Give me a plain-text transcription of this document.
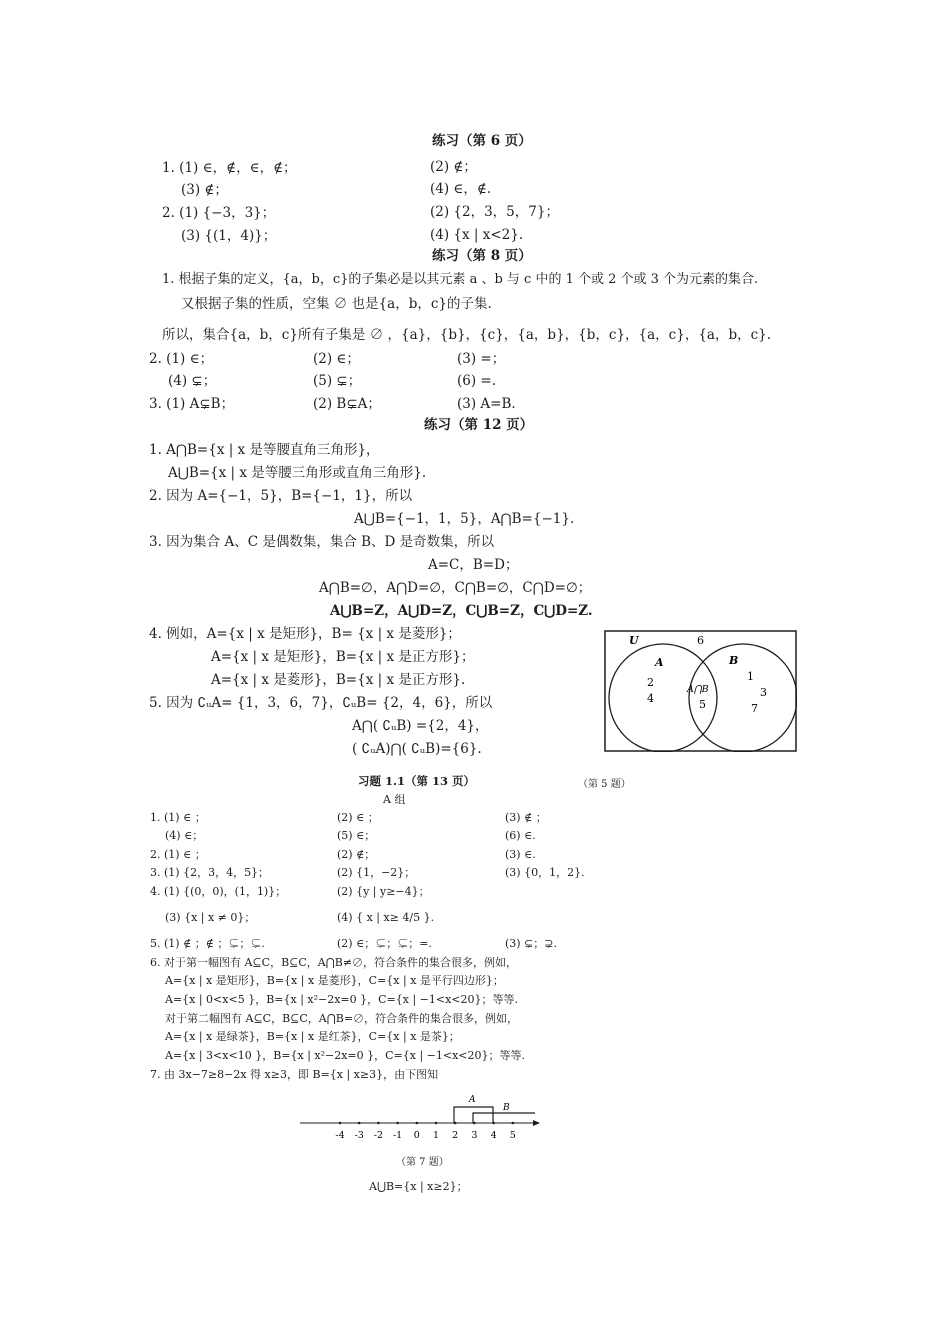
练习（第 6 页）
1. (1) ∈，∉，∈，∉；	(2) ∉；
(3) ∉；	(4) ∈，∉.
2. (1) {−3，3}；	(2) {2，3，5，7}；
(3) {(1，4)}；	(4) {x | x<2}.
练习（第 8 页）
1. 根据子集的定义，{a，b，c}的子集必是以其元素 a 、b 与 c 中的 1 个或 2 个或 3 个为元素的集合.
又根据子集的性质，空集 ∅ 也是{a，b，c}的子集.
所以，集合{a，b，c}所有子集是 ∅ ，{a}，{b}，{c}，{a，b}，{b，c}，{a，c}，{a，b，c}.
2. (1) ∈；	(2) ∈；	(3) =；
(4) ⊊；	(5) ⊊；	(6) =.
3. (1) A⊊B；	(2) B⊊A；	(3) A=B.
练习（第 12 页）
1. A⋂B={x | x 是等腰直角三角形}，
A⋃B={x | x 是等腰三角形或直角三角形}.
2. 因为 A={−1，5}，B={−1，1}，所以
A⋃B={−1，1，5}，A⋂B={−1}.
3. 因为集合 A、C 是偶数集，集合 B、D 是奇数集，所以
A=C，B=D；
A⋂B=∅，A⋂D=∅，C⋂B=∅，C⋂D=∅；
A⋃B=Z，A⋃D=Z，C⋃B=Z，C⋃D=Z.
4. 例如，A={x | x 是矩形}，B= {x | x 是菱形}；
A={x | x 是矩形}，B={x | x 是正方形}；
A={x | x 是菱形}，B={x | x 是正方形}.
5. 因为 ∁ᵤA= {1，3，6，7}，∁ᵤB= {2，4，6}，所以
A⋂( ∁ᵤB) ={2，4}，
( ∁ᵤA)⋂( ∁ᵤB)={6}.
U	6
A	B
2
4
A⋂B
5
1
3
7
（第 5 题）
习题 1.1（第 13 页）
A 组
1. (1) ∈ ；	(2) ∈ ；	(3) ∉ ；
(4) ∈；	(5) ∈；	(6) ∈.
2. (1) ∈ ；	(2) ∉；	(3) ∈.
3. (1) {2，3，4，5}；	(2) {1，−2}；	(3) {0，1，2}.
4. (1) {(0，0)，(1，1)}；	(2) {y | y≥−4}；
(3) {x | x ≠ 0}；	(4) { x | x≥ 4/5 }.
5. (1) ∉ ；∉ ；⊊；⊊.	(2) ∈；⊊；⊊；=.	(3) ⊊；⊋.
6. 对于第一幅图有 A⊆C，B⊆C，A⋂B≠∅，符合条件的集合很多，例如，
A={x | x 是矩形}，B={x | x 是菱形}，C={x | x 是平行四边形}；
A={x | 0<x<5 }，B={x | x²−2x=0 }，C={x | −1<x<20}；等等.
对于第二幅图有 A⊆C，B⊆C，A⋂B=∅，符合条件的集合很多，例如，
A={x | x 是绿茶}，B={x | x 是红茶}，C={x | x 是茶}；
A={x | 3<x<10 }，B={x | x²−2x=0 }，C={x | −1<x<20}；等等.
7. 由 3x−7≥8−2x 得 x≥3，即 B={x | x≥3}，由下图知
A
B
-4 -3 -2 -1 0 1 2 3 4 5
（第 7 题）
A⋃B={x | x≥2}；
